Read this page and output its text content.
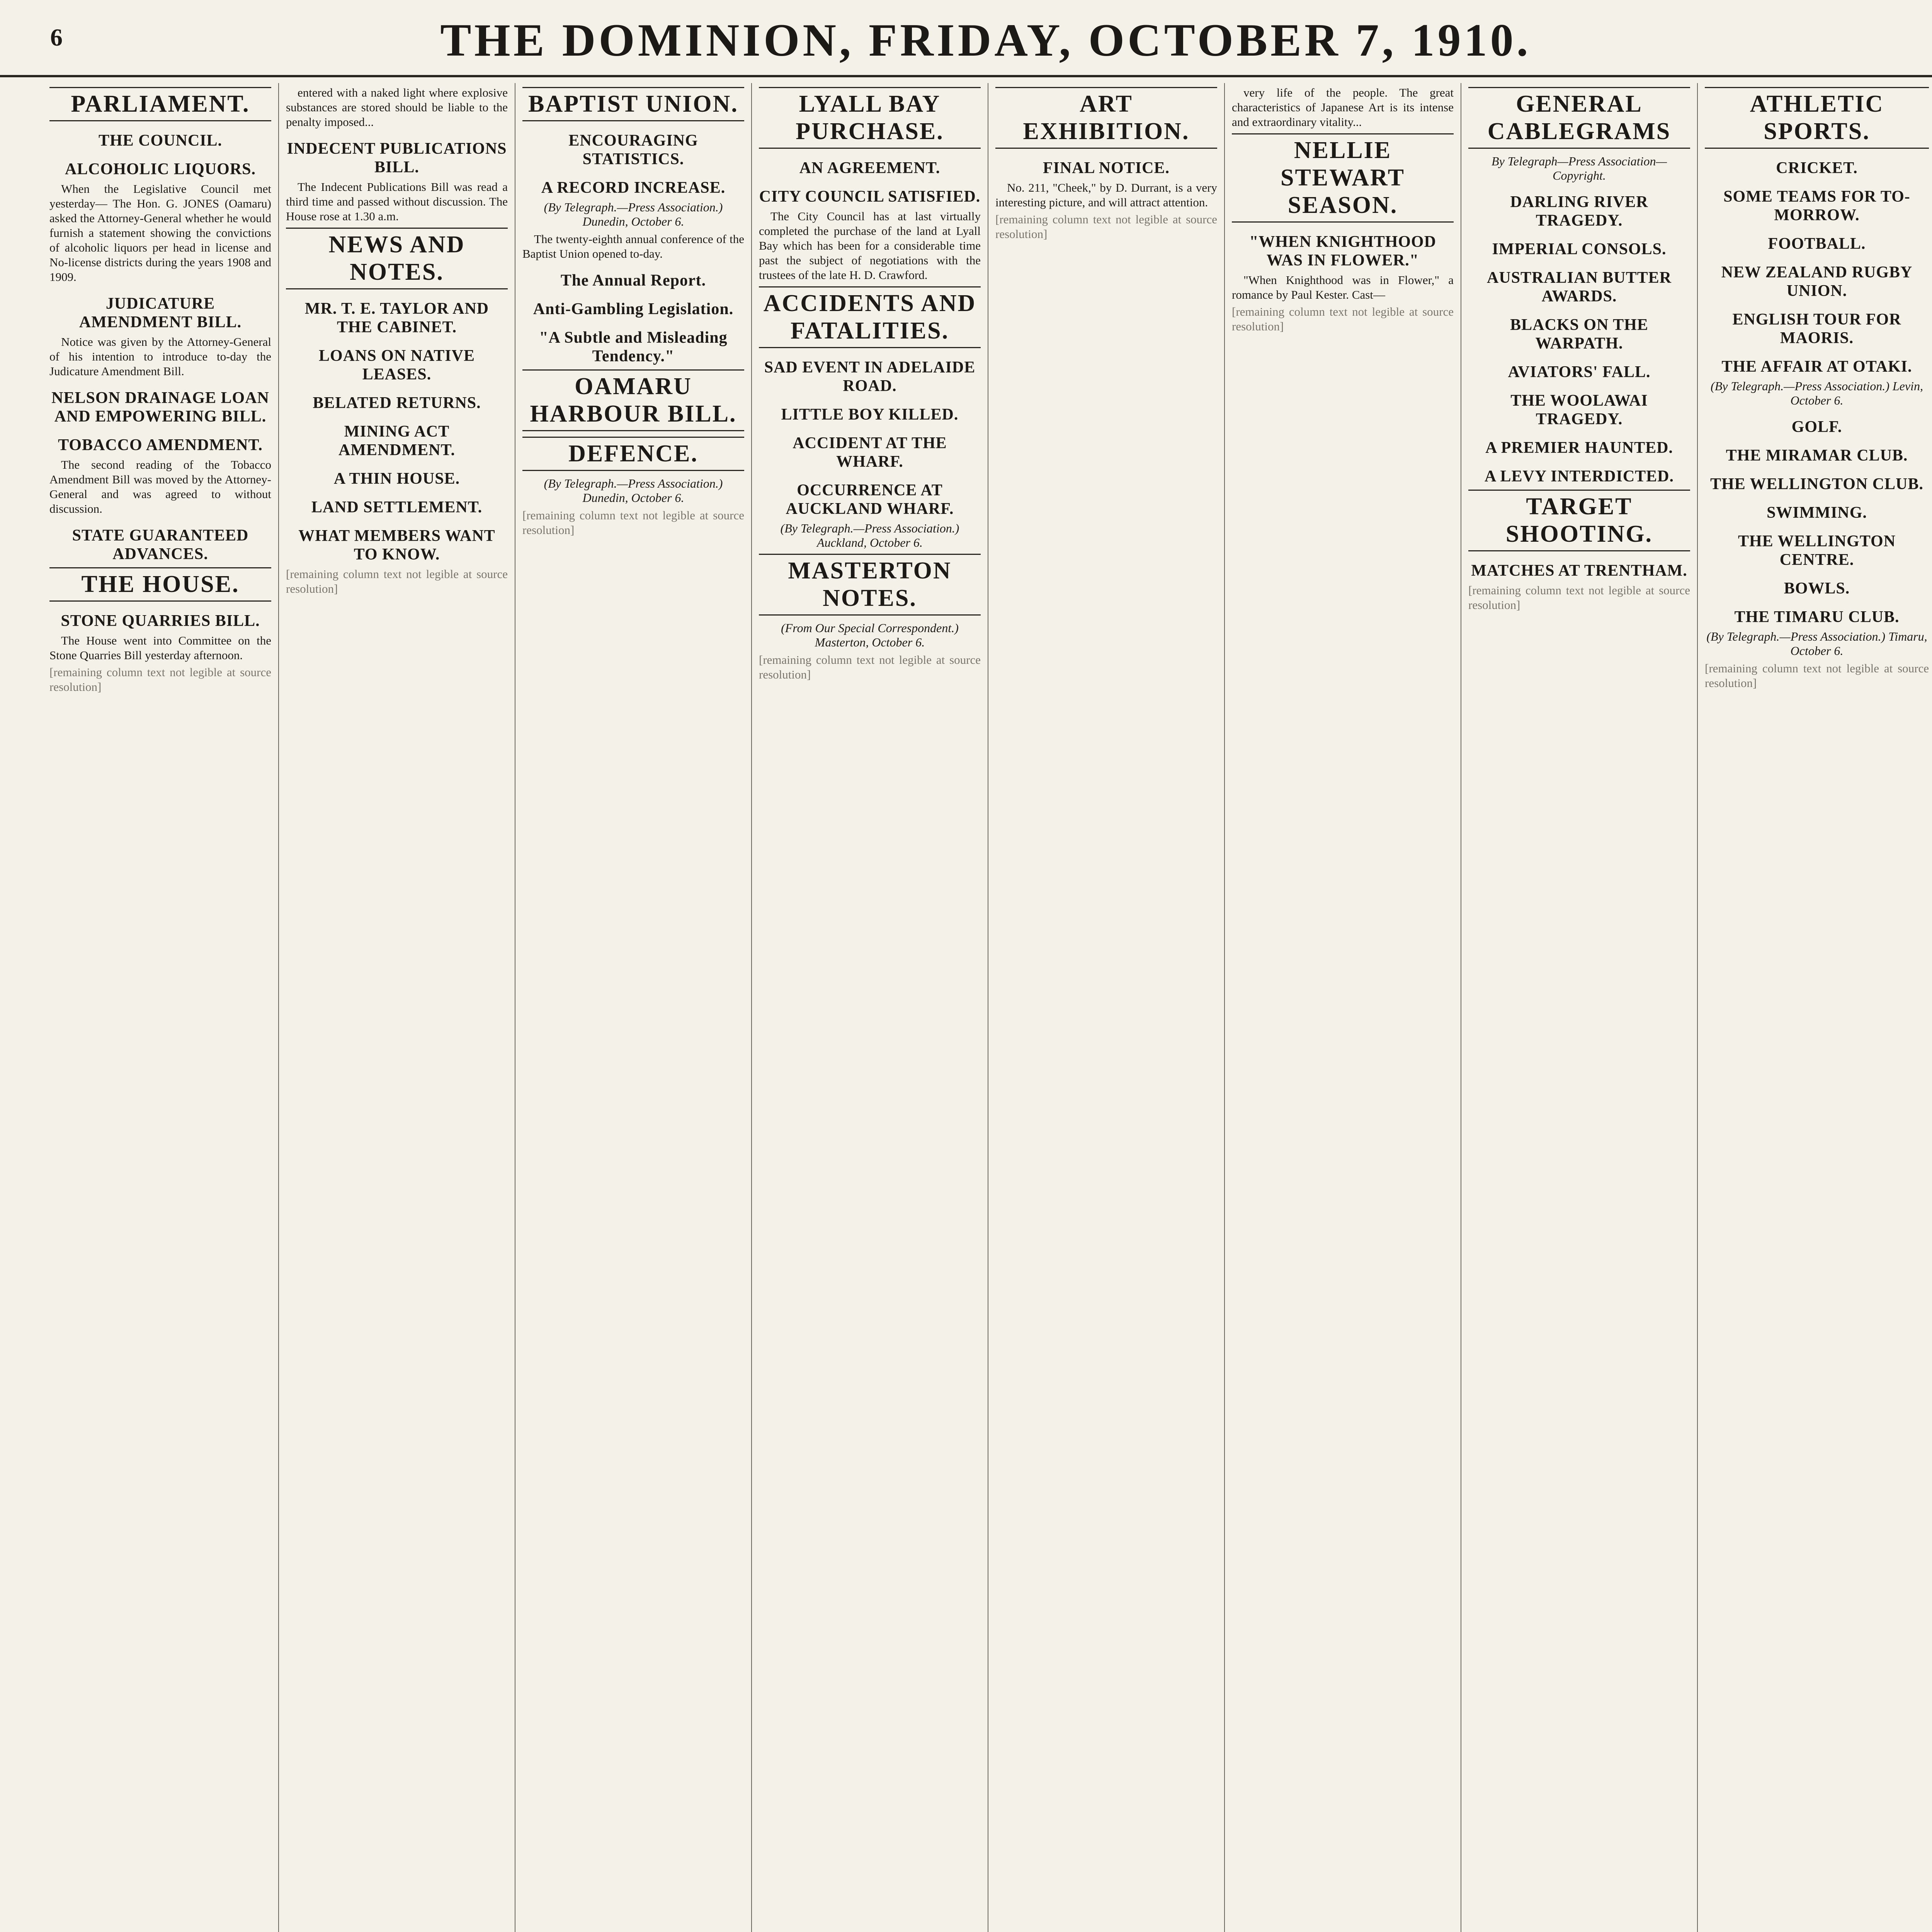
6	THE DOMINION, FRIDAY, OCTOBER 7, 1910.
PARLIAMENT.
THE COUNCIL.
ALCOHOLIC LIQUORS.
When the Legislative Council met yesterday— The Hon. G. JONES (Oamaru) asked the Attorney-General whether he would furnish a statement showing the convictions of alcoholic liquors per head in license and No-license districts during the years 1908 and 1909.
JUDICATURE AMENDMENT BILL.
Notice was given by the Attorney-General of his intention to introduce to-day the Judicature Amendment Bill.
NELSON DRAINAGE LOAN AND EMPOWERING BILL.
TOBACCO AMENDMENT.
The second reading of the Tobacco Amendment Bill was moved by the Attorney-General and was agreed to without discussion.
STATE GUARANTEED ADVANCES.
THE HOUSE.
STONE QUARRIES BILL.
The House went into Committee on the Stone Quarries Bill yesterday afternoon.
[remaining column text not legible at source resolution]
entered with a naked light where explosive substances are stored should be liable to the penalty imposed...
INDECENT PUBLICATIONS BILL.
The Indecent Publications Bill was read a third time and passed without discussion. The House rose at 1.30 a.m.
NEWS AND NOTES.
MR. T. E. TAYLOR AND THE CABINET.
LOANS ON NATIVE LEASES.
BELATED RETURNS.
MINING ACT AMENDMENT.
A THIN HOUSE.
LAND SETTLEMENT.
WHAT MEMBERS WANT TO KNOW.
[remaining column text not legible at source resolution]
BAPTIST UNION.
ENCOURAGING STATISTICS.
A RECORD INCREASE.
(By Telegraph.—Press Association.) Dunedin, October 6.
The twenty-eighth annual conference of the Baptist Union opened to-day.
The Annual Report.
Anti-Gambling Legislation.
"A Subtle and Misleading Tendency."
OAMARU HARBOUR BILL.
DEFENCE.
(By Telegraph.—Press Association.) Dunedin, October 6.
[remaining column text not legible at source resolution]
LYALL BAY PURCHASE.
AN AGREEMENT.
CITY COUNCIL SATISFIED.
The City Council has at last virtually completed the purchase of the land at Lyall Bay which has been for a considerable time past the subject of negotiations with the trustees of the late H. D. Crawford.
ACCIDENTS AND FATALITIES.
SAD EVENT IN ADELAIDE ROAD.
LITTLE BOY KILLED.
ACCIDENT AT THE WHARF.
OCCURRENCE AT AUCKLAND WHARF.
(By Telegraph.—Press Association.) Auckland, October 6.
MASTERTON NOTES.
(From Our Special Correspondent.) Masterton, October 6.
[remaining column text not legible at source resolution]
ART EXHIBITION.
FINAL NOTICE.
No. 211, "Cheek," by D. Durrant, is a very interesting picture, and will attract attention.
[remaining column text not legible at source resolution]
very life of the people. The great characteristics of Japanese Art is its intense and extraordinary vitality...
NELLIE STEWART SEASON.
"WHEN KNIGHTHOOD WAS IN FLOWER."
"When Knighthood was in Flower," a romance by Paul Kester. Cast—
[remaining column text not legible at source resolution]
GENERAL CABLEGRAMS
By Telegraph—Press Association—Copyright.
DARLING RIVER TRAGEDY.
IMPERIAL CONSOLS.
AUSTRALIAN BUTTER AWARDS.
BLACKS ON THE WARPATH.
AVIATORS' FALL.
THE WOOLAWAI TRAGEDY.
A PREMIER HAUNTED.
A LEVY INTERDICTED.
TARGET SHOOTING.
MATCHES AT TRENTHAM.
[remaining column text not legible at source resolution]
ATHLETIC SPORTS.
CRICKET.
SOME TEAMS FOR TO-MORROW.
FOOTBALL.
NEW ZEALAND RUGBY UNION.
ENGLISH TOUR FOR MAORIS.
THE AFFAIR AT OTAKI.
(By Telegraph.—Press Association.) Levin, October 6.
GOLF.
THE MIRAMAR CLUB.
THE WELLINGTON CLUB.
SWIMMING.
THE WELLINGTON CENTRE.
BOWLS.
THE TIMARU CLUB.
(By Telegraph.—Press Association.) Timaru, October 6.
[remaining column text not legible at source resolution]
